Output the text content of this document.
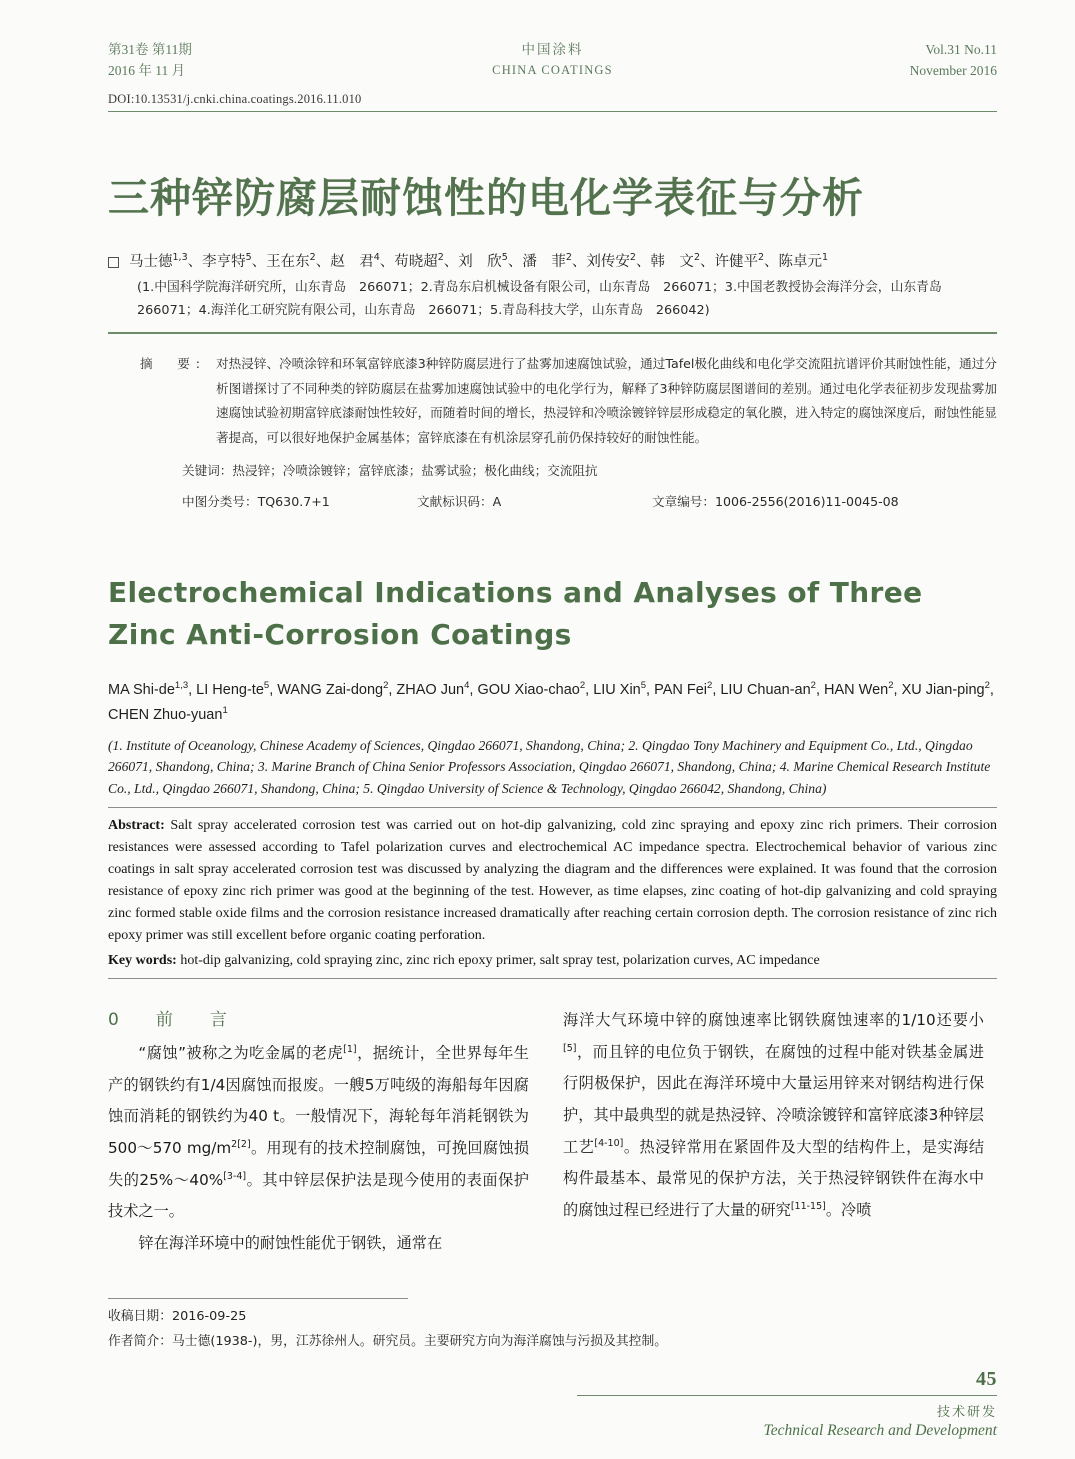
第31卷 第11期
2016 年 11 月
中国涂料
CHINA COATINGS
Vol.31 No.11
November 2016
DOI:10.13531/j.cnki.china.coatings.2016.11.010
三种锌防腐层耐蚀性的电化学表征与分析
马士德$^{1,3}$、李亨特$^5$、王在东$^2$、赵　君$^4$、苟晓超$^2$、刘　欣$^5$、潘　菲$^2$、刘传安$^2$、韩　文$^2$、许健平$^2$、陈卓元$^1$
(1.中国科学院海洋研究所，山东青岛　266071；2.青岛东启机械设备有限公司，山东青岛　266071；3.中国老教授协会海洋分会，山东青岛　266071；4.海洋化工研究院有限公司，山东青岛　266071；5.青岛科技大学，山东青岛　266042)
摘　要: 对热浸锌、冷喷涂锌和环氧富锌底漆3种锌防腐层进行了盐雾加速腐蚀试验，通过Tafel极化曲线和电化学交流阻抗谱评价其耐蚀性能，通过分析图谱探讨了不同种类的锌防腐层在盐雾加速腐蚀试验中的电化学行为，解释了3种锌防腐层图谱间的差别。通过电化学表征初步发现盐雾加速腐蚀试验初期富锌底漆耐蚀性较好，而随着时间的增长，热浸锌和冷喷涂镀锌锌层形成稳定的氧化膜，进入特定的腐蚀深度后，耐蚀性能显著提高，可以很好地保护金属基体；富锌底漆在有机涂层穿孔前仍保持较好的耐蚀性能。
关键词：热浸锌；冷喷涂镀锌；富锌底漆；盐雾试验；极化曲线；交流阻抗
中图分类号：TQ630.7+1	文献标识码：A	文章编号：1006-2556(2016)11-0045-08
Electrochemical Indications and Analyses of Three Zinc Anti-Corrosion Coatings
MA Shi-de$^{1,3}$, LI Heng-$te^5$, WANG Zai-dong$^2$, ZHAO Jun$^4$, GOU Xiao-chao$^2$, LIU Xin$^5$, PAN Fei$^2$, LIU Chuan-$an^2$, HAN Wen$^2$, XU Jian-ping$^2$, CHEN Zhuo-yuan$^1$
(1. Institute of Oceanology, Chinese Academy of Sciences, Qingdao 266071, Shandong, China; 2. Qingdao Tony Machinery and Equipment Co., Ltd., Qingdao 266071, Shandong, China; 3. Marine Branch of China Senior Professors Association, Qingdao 266071, Shandong, China; 4. Marine Chemical Research Institute Co., Ltd., Qingdao 266071, Shandong, China; 5. Qingdao University of Science & Technology, Qingdao 266042, Shandong, China)
Abstract: Salt spray accelerated corrosion test was carried out on hot-dip galvanizing, cold zinc spraying and epoxy zinc rich primers. Their corrosion resistances were assessed according to Tafel polarization curves and electrochemical AC impedance spectra. Electrochemical behavior of various zinc coatings in salt spray accelerated corrosion test was discussed by analyzing the diagram and the differences were explained. It was found that the corrosion resistance of epoxy zinc rich primer was good at the beginning of the test. However, as time elapses, zinc coating of hot-dip galvanizing and cold spraying zinc formed stable oxide films and the corrosion resistance increased dramatically after reaching certain corrosion depth. The corrosion resistance of zinc rich epoxy primer was still excellent before organic coating perforation.
Key words: hot-dip galvanizing, cold spraying zinc, zinc rich epoxy primer, salt spray test, polarization curves, AC impedance
0　前　言

“腐蚀”被称之为吃金属的老虎[1]，据统计，全世界每年生产的钢铁约有1/4因腐蚀而报废。一艘5万吨级的海船每年因腐蚀而消耗的钢铁约为40 t。一般情况下，海轮每年消耗钢铁为500～570 $mg/m^{2[2]}$。用现有的技术控制腐蚀，可挽回腐蚀损失的25%～40%[3-4]。其中锌层保护法是现今使用的表面保护技术之一。

锌在海洋环境中的耐蚀性能优于钢铁，通常在

海洋大气环境中锌的腐蚀速率比钢铁腐蚀速率的1/10还要小[5]，而且锌的电位负于钢铁，在腐蚀的过程中能对铁基金属进行阴极保护，因此在海洋环境中大量运用锌来对钢结构进行保护，其中最典型的就是热浸锌、冷喷涂镀锌和富锌底漆3种锌层工艺[4-10]。热浸锌常用在紧固件及大型的结构件上，是实海结构件最基本、最常见的保护方法，关于热浸锌钢铁件在海水中的腐蚀过程已经进行了大量的研究[11-15]。冷喷

收稿日期：2016-09-25
作者简介：马士德(1938-)，男，江苏徐州人。研究员。主要研究方向为海洋腐蚀与污损及其控制。
45
技术研发
Technical Research and Development
